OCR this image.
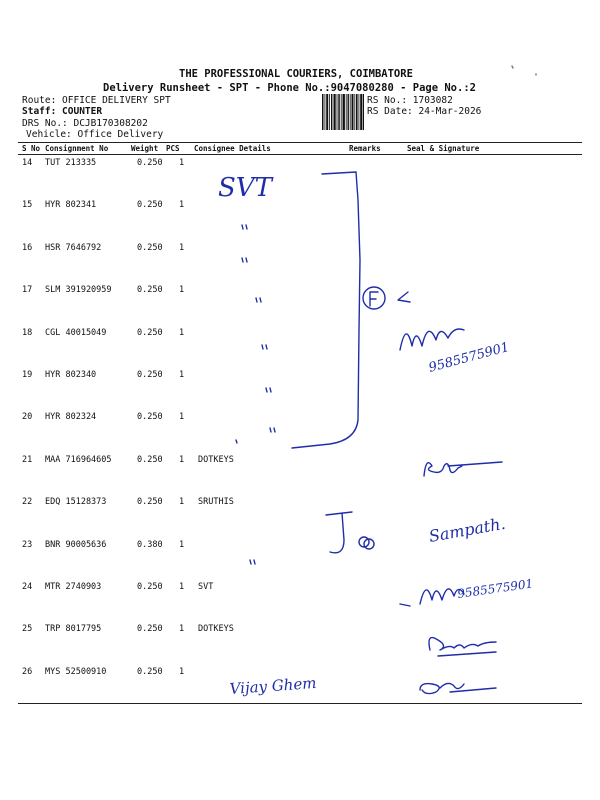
THE PROFESSIONAL COURIERS, COIMBATORE
Delivery Runsheet - SPT - Phone No.:9047080280 - Page No.:2
Route: OFFICE DELIVERY SPT
Staff: COUNTER
DRS No.: DCJB170308202
Vehicle: Office Delivery
RS No.: 1703082
RS Date: 24-Mar-2026
S No Consignment No	Weight PCS Consignee Details	Remarks	Seal & Signature
14 TUT 213335	0.250 1
15 HYR 802341	0.250 1
16 HSR 7646792	0.250 1
17 SLM 391920959	0.250 1
18 CGL 40015049	0.250 1
19 HYR 802340	0.250 1
20 HYR 802324	0.250 1
21 MAA 716964605	0.250 1 DOTKEYS
22 EDQ 15128373	0.250 1 SRUTHIS
23 BNR 90005636	0.380 1
24 MTR 2740903	0.250 1 SVT
25 TRP 8017795	0.250 1 DOTKEYS
26 MYS 52500910	0.250 1
SVT
9585575901
Sampath.
9585575901
Vijay Ghem
